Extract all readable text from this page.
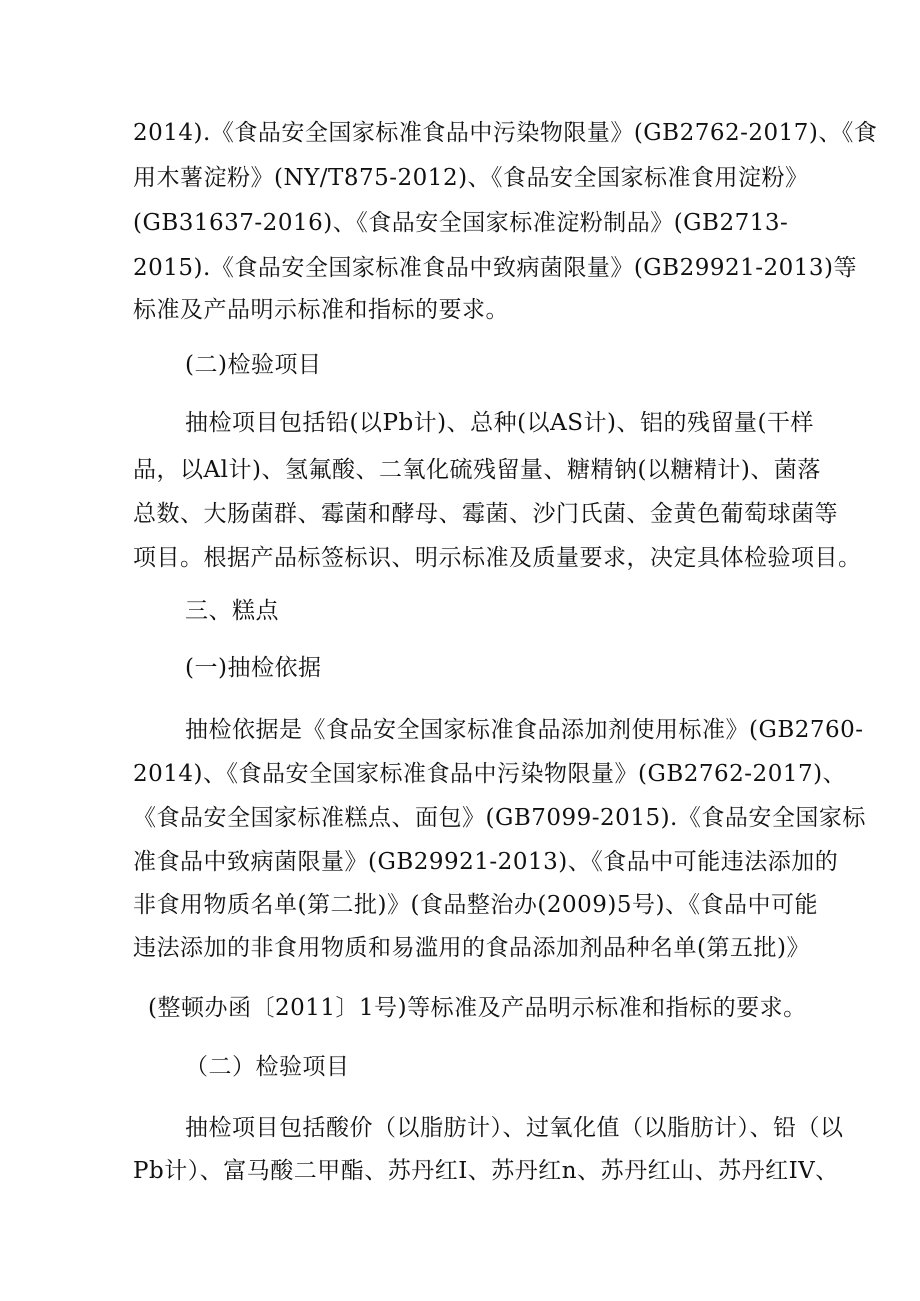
2014).《食品安全国家标准食品中污染物限量》(GB2762-2017)、《食
用木薯淀粉》(NY/T875-2012)、《食品安全国家标准食用淀粉》
(GB31637-2016)、《食品安全国家标准淀粉制品》(GB2713-
2015).《食品安全国家标准食品中致病菌限量》(GB29921-2013)等
标准及产品明示标准和指标的要求。
(二)检验项目
抽检项目包括铅(以Pb计)、总种(以AS计)、铝的残留量(干样
品，以Al计)、氢氟酸、二氧化硫残留量、糖精钠(以糖精计)、菌落
总数、大肠菌群、霉菌和酵母、霉菌、沙门氏菌、金黄色葡萄球菌等
项目。根据产品标签标识、明示标准及质量要求，决定具体检验项目。
三、糕点
(一)抽检依据
抽检依据是《食品安全国家标准食品添加剂使用标准》(GB2760-
2014)、《食品安全国家标准食品中污染物限量》(GB2762-2017)、
《食品安全国家标准糕点、面包》(GB7099-2015).《食品安全国家标
准食品中致病菌限量》(GB29921-2013)、《食品中可能违法添加的
非食用物质名单(第二批)》(食品整治办(2009)5号)、《食品中可能
违法添加的非食用物质和易滥用的食品添加剂品种名单(第五批)》
(整顿办函〔2011〕1号)等标准及产品明示标准和指标的要求。
（二）检验项目
抽检项目包括酸价（以脂肪计）、过氧化值（以脂肪计）、铅（以
Pb计）、富马酸二甲酯、苏丹红I、苏丹红n、苏丹红山、苏丹红IV、
